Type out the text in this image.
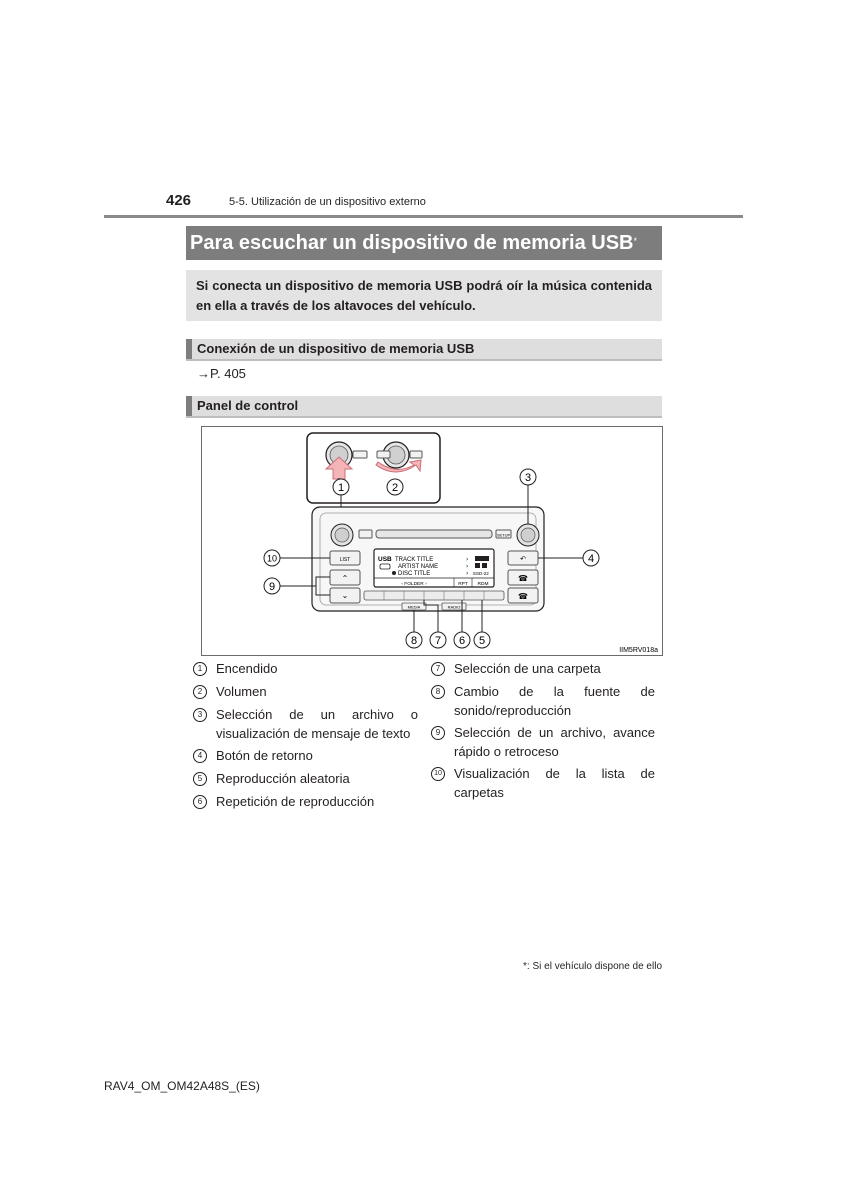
426	5-5. Utilización de un dispositivo externo
Para escuchar un dispositivo de memoria USB*
Si conecta un dispositivo de memoria USB podrá oír la música contenida en ella a través de los altavoces del vehículo.
Conexión de un dispositivo de memoria USB
→P. 405
Panel de control
1	2
SETUP
LIST
⌃
⌄
↶
☎
☎
USB TRACK TITLE
ARTIST NAME
DISC TITLE
›
›
› SSD-22
‹ FOLDER ›	RPT RDM
MEDIA	RADIO
3
4
10
9
8 7 6 5
IIM5RV018a
1	Encendido
2	Volumen
3	Selección de un archivo o visualización de mensaje de texto
4	Botón de retorno
5	Reproducción aleatoria
6	Repetición de reproducción
7	Selección de una carpeta
8	Cambio de la fuente de sonido/reproducción
9	Selección de un archivo, avance rápido o retroceso
10 Visualización de la lista de carpetas
*: Si el vehículo dispone de ello
RAV4_OM_OM42A48S_(ES)
